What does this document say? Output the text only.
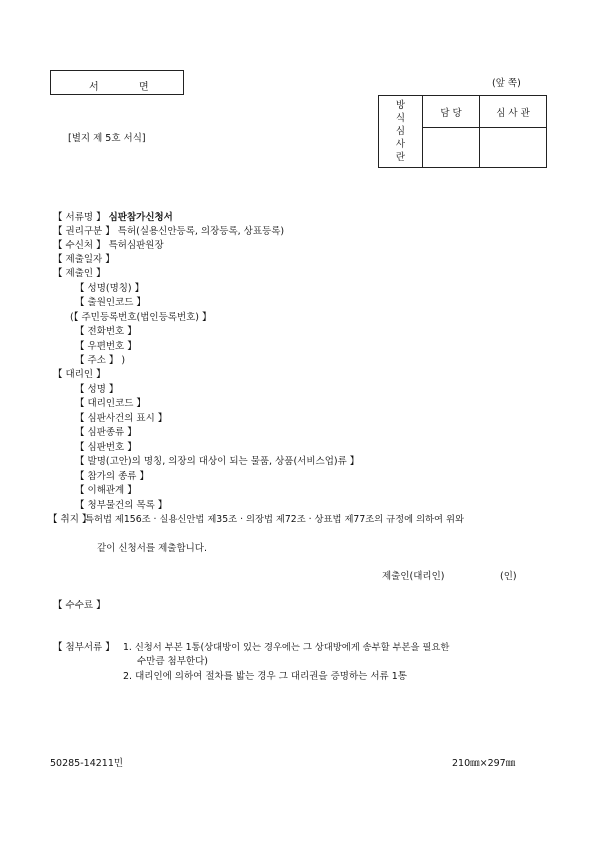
서	면	(앞 쪽)
[별지 제 5호 서식]
방
식
심
사
란	담 당	심 사 관

【 서류명 】 심판참가신청서
【 권리구분 】 특허(실용신안등록, 의장등록, 상표등록)
【 수신처 】 특허심판원장
【 제출일자 】
【 제출인 】
【 성명(명칭) 】
【 출원인코드 】
(【 주민등록번호(법인등록번호) 】
【 전화번호 】
【 우편번호 】
【 주소 】 )
【 대리인 】
【 성명 】
【 대리인코드 】
【 심판사건의 표시 】
【 심판종류 】
【 심판번호 】
【 발명(고안)의 명칭, 의장의 대상이 되는 물품, 상품(서비스업)류 】
【 참가의 종류 】
【 이해관계 】
【 청부물건의 목록 】
【 취지 】
특허법 제156조 · 실용신안법 제35조 · 의장법 제72조 · 상표법 제77조의 규정에 의하여 위와
같이 신청서를 제출합니다.
제출인(대리인)	(인)
【 수수료 】
【 첨부서류 】 1. 신청서 부본 1통(상대방이 있는 경우에는 그 상대방에게 송부할 부본을 필요한
수만큼 첨부한다)
2. 대리인에 의하여 절차를 밟는 경우 그 대리권을 증명하는 서류 1통
50285-14211민	210㎜×297㎜
